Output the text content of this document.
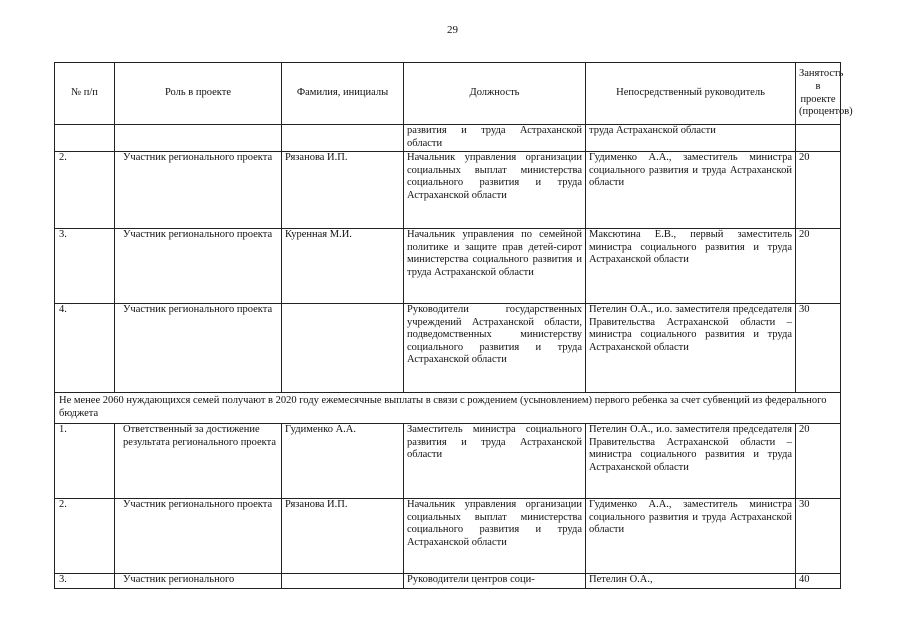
29
№ п/п	Роль в проекте	Фамилия, инициалы	Должность	Непосредственный руководитель	Занятость в проекте (процентов)
			развития и труда Астраханской области	труда Астраханской области	
2.	Участник регионального проекта	Рязанова И.П.	Начальник управления организации социальных выплат министерства социального развития и труда Астраханской области	Гудименко А.А., заместитель министра социального развития и труда Астраханской области	20
3.	Участник регионального проекта	Куренная М.И.	Начальник управления по семейной политике и защите прав детей-сирот министерства социального развития и труда Астраханской области	Максютина Е.В., первый заместитель министра социального развития и труда Астраханской области	20
4.	Участник регионального проекта		Руководители государственных учреждений Астраханской области, подведомственных министерству социального развития и труда Астраханской области	Петелин О.А., и.о. заместителя председателя Правительства Астраханской области – министра социального развития и труда Астраханской области	30
Не менее 2060 нуждающихся семей получают в 2020 году ежемесячные выплаты в связи с рождением (усыновлением) первого ребенка за счет субвенций из федерального бюджета					
1.	Ответственный за достижение результата регионального проекта	Гудименко А.А.	Заместитель министра социального развития и труда Астраханской области	Петелин О.А., и.о. заместителя председателя Правительства Астраханской области – министра социального развития и труда Астраханской области	20
2.	Участник регионального проекта	Рязанова И.П.	Начальник управления организации социальных выплат министерства социального развития и труда Астраханской области	Гудименко А.А., заместитель министра социального развития и труда Астраханской области	30
3.	Участник регионального		Руководители центров соци-	Петелин О.А.,	40
